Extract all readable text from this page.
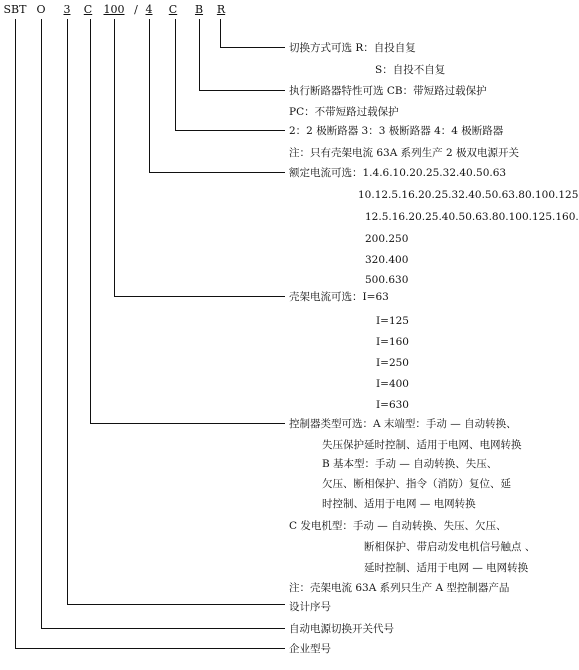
SBT O	3	C 100 / 4	C B R
切换方式可选 R：自投自复
S：自投不自复
执行断路器特性可选 CB：带短路过载保护
PC：不带短路过载保护
2：2 极断路器 3：3 极断路器 4：4 极断路器
注：只有壳架电流 63A 系列生产 2 极双电源开关
额定电流可选：1.4.6.10.20.25.32.40.50.63
10.12.5.16.20.25.32.40.50.63.80.100.125
12.5.16.20.25.40.50.63.80.100.125.160.
200.250
320.400
500.630
壳架电流可选：I=63
I=125
I=160
I=250
I=400
I=630
控制器类型可选：A 末端型：手动 — 自动转换、
失压保护延时控制、适用于电网、电网转换
B 基本型：手动 — 自动转换、失压、
欠压、断相保护、指令（消防）复位、延
时控制、适用于电网 — 电网转换
C 发电机型：手动 — 自动转换、失压、欠压、
断相保护、带启动发电机信号触点 、
延时控制、适用于电网 — 电网转换
注：壳架电流 63A 系列只生产 A 型控制器产品
设计序号
自动电源切换开关代号
企业型号
